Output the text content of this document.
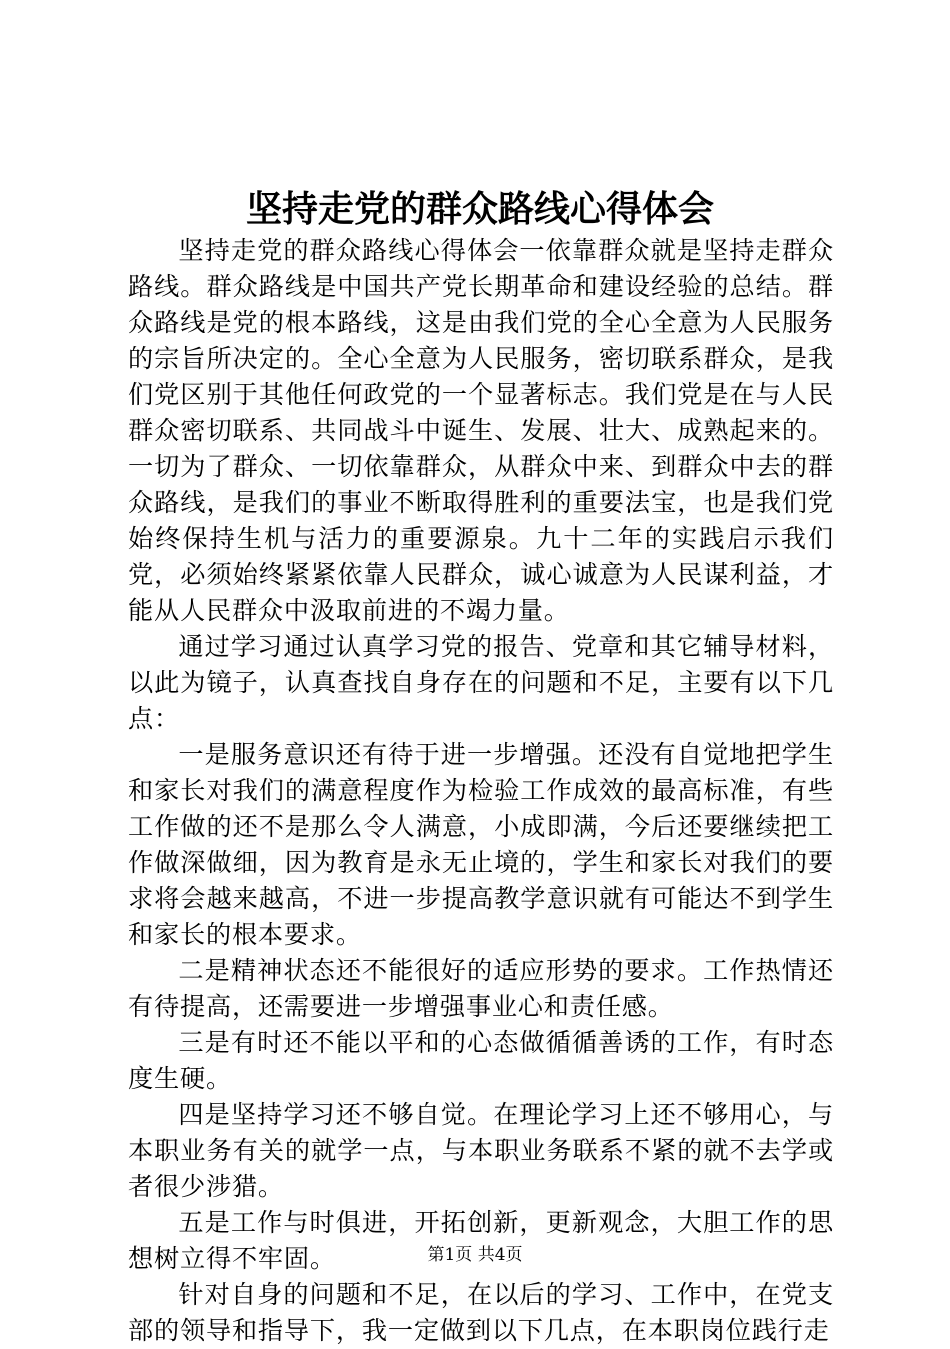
坚持走党的群众路线心得体会

坚持走党的群众路线心得体会一依靠群众就是坚持走群众路线。群众路线是中国共产党长期革命和建设经验的总结。群众路线是党的根本路线，这是由我们党的全心全意为人民服务的宗旨所决定的。全心全意为人民服务，密切联系群众，是我们党区别于其他任何政党的一个显著标志。我们党是在与人民群众密切联系、共同战斗中诞生、发展、壮大、成熟起来的。一切为了群众、一切依靠群众，从群众中来、到群众中去的群众路线，是我们的事业不断取得胜利的重要法宝，也是我们党始终保持生机与活力的重要源泉。九十二年的实践启示我们党，必须始终紧紧依靠人民群众，诚心诚意为人民谋利益，才能从人民群众中汲取前进的不竭力量。

通过学习通过认真学习党的报告、党章和其它辅导材料，以此为镜子，认真查找自身存在的问题和不足，主要有以下几点：

一是服务意识还有待于进一步增强。还没有自觉地把学生和家长对我们的满意程度作为检验工作成效的最高标准，有些工作做的还不是那么令人满意，小成即满，今后还要继续把工作做深做细，因为教育是永无止境的，学生和家长对我们的要求将会越来越高，不进一步提高教学意识就有可能达不到学生和家长的根本要求。

二是精神状态还不能很好的适应形势的要求。工作热情还有待提高，还需要进一步增强事业心和责任感。

三是有时还不能以平和的心态做循循善诱的工作，有时态度生硬。

四是坚持学习还不够自觉。在理论学习上还不够用心，与本职业务有关的就学一点，与本职业务联系不紧的就不去学或者很少涉猎。

五是工作与时俱进，开拓创新，更新观念，大胆工作的思想树立得不牢固。

针对自身的问题和不足，在以后的学习、工作中，在党支部的领导和指导下，我一定做到以下几点，在本职岗位践行走

第1页 共4页
